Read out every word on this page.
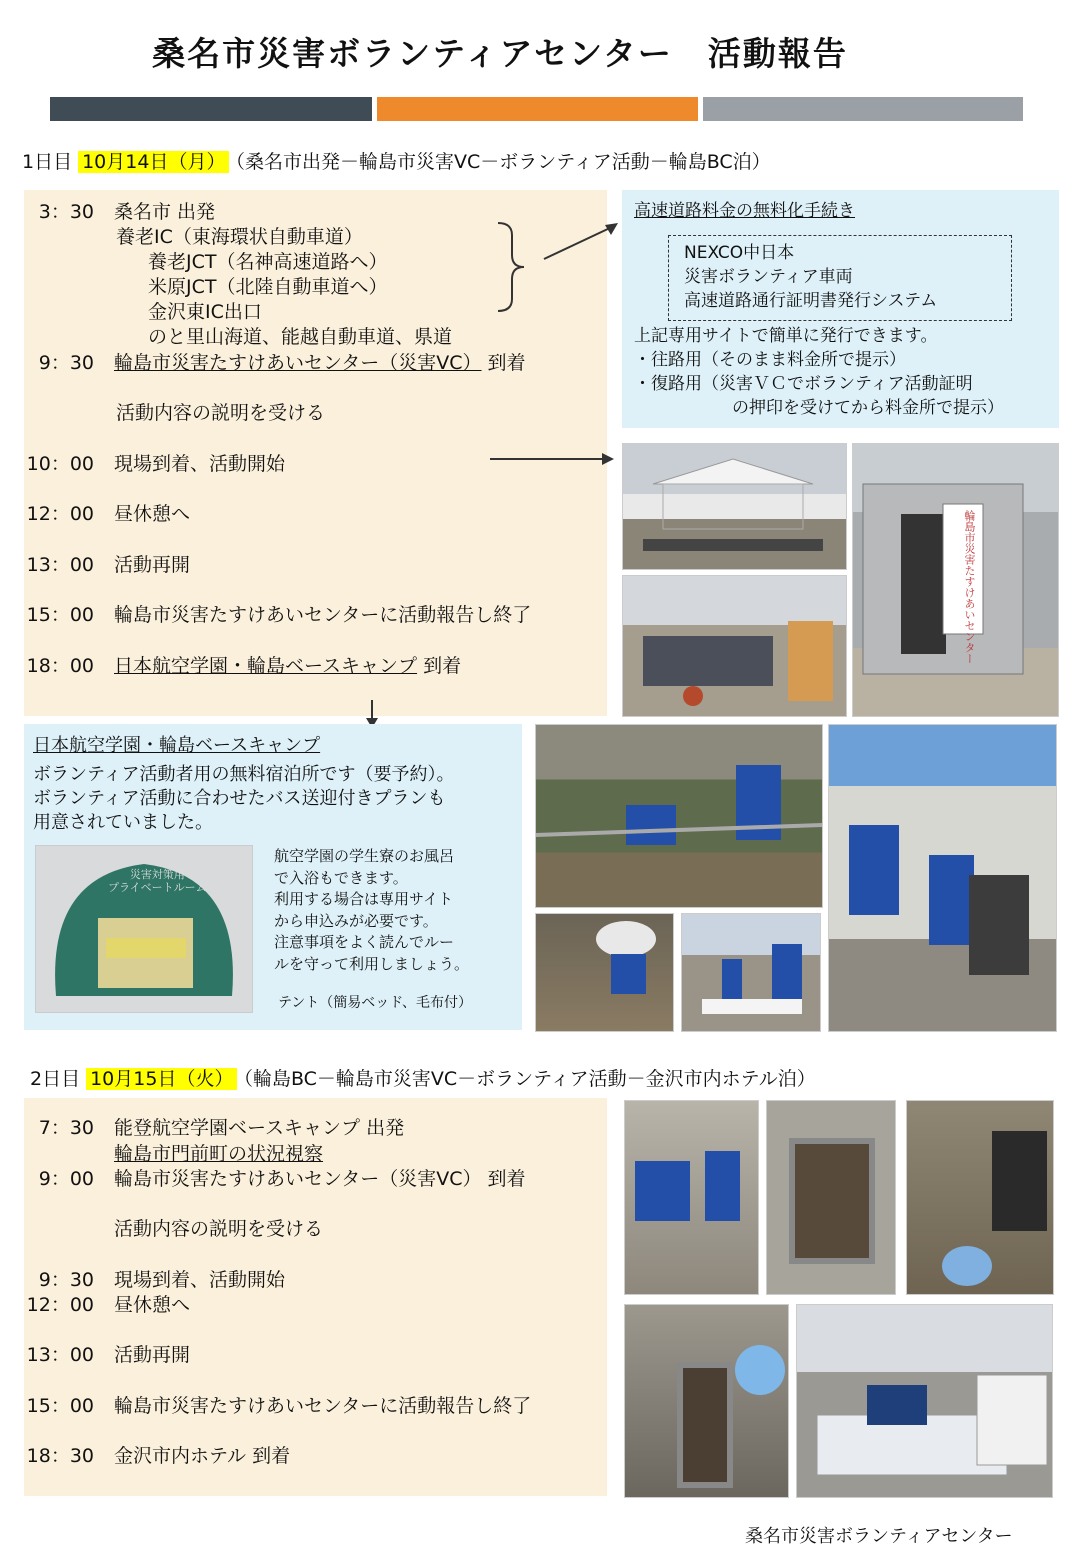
桑名市災害ボランティアセンター　活動報告
1日目 10月14日（月） （桑名市出発－輪島市災害VC－ボランティア活動－輪島BC泊）
3：30 桑名市 出発
養老IC（東海環状自動車道）
養老JCT（名神高速道路へ）
米原JCT（北陸自動車道へ）
金沢東IC出口
のと里山海道、能越自動車道、県道
9：30 輪島市災害たすけあいセンター（災害VC） 到着
活動内容の説明を受ける
10：00 現場到着、活動開始
12：00 昼休憩へ
13：00 活動再開
15：00 輪島市災害たすけあいセンターに活動報告し終了
18：00 日本航空学園・輪島ベースキャンプ 到着
高速道路料金の無料化手続き
NEXCO中日本
災害ボランティア車両
高速道路通行証明書発行システム
上記専用サイトで簡単に発行できます。
・往路用（そのまま料金所で提示）
・復路用（災害ＶＣでボランティア活動証明
の押印を受けてから料金所で提示）
輪島市災害たすけあいセンター
日本航空学園・輪島ベースキャンプ
ボランティア活動者用の無料宿泊所です（要予約）。
ボランティア活動に合わせたバス送迎付きプランも
用意されていました。
災害対策用
プライベートルーム
航空学園の学生寮のお風呂
で入浴もできます。
利用する場合は専用サイト
から申込みが必要です。
注意事項をよく読んでルー
ルを守って利用しましょう。
テント（簡易ベッド、毛布付）
2日目 10月15日（火） （輪島BC－輪島市災害VC－ボランティア活動－金沢市内ホテル泊）
7：30 能登航空学園ベースキャンプ 出発
輪島市門前町の状況視察
9：00 輪島市災害たすけあいセンター（災害VC） 到着
活動内容の説明を受ける
9：30 現場到着、活動開始
12：00 昼休憩へ
13：00 活動再開
15：00 輪島市災害たすけあいセンターに活動報告し終了
18：30 金沢市内ホテル 到着
桑名市災害ボランティアセンター
